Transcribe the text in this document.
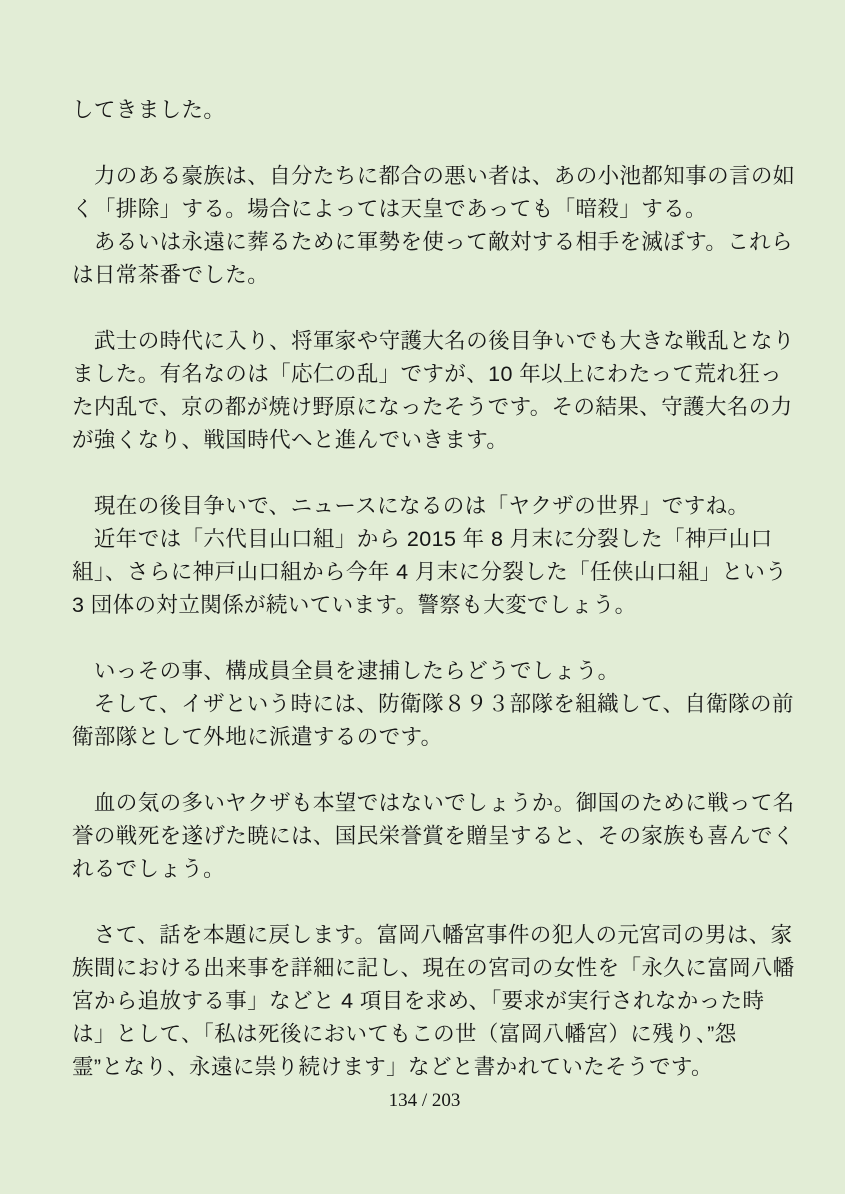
してきました。
　力のある豪族は、自分たちに都合の悪い者は、あの小池都知事の言の如
く「排除」する。場合によっては天皇であっても「暗殺」する。
　あるいは永遠に葬るために軍勢を使って敵対する相手を滅ぼす。これら
は日常茶番でした。
　武士の時代に入り、将軍家や守護大名の後目争いでも大きな戦乱となり
ました。有名なのは「応仁の乱」ですが、10 年以上にわたって荒れ狂っ
た内乱で、京の都が焼け野原になったそうです。その結果、守護大名の力
が強くなり、戦国時代へと進んでいきます。
　現在の後目争いで、ニュースになるのは「ヤクザの世界」ですね。
　近年では「六代目山口組」から 2015 年 8 月末に分裂した「神戸山口
組」、さらに神戸山口組から今年 4 月末に分裂した「任侠山口組」という
3 団体の対立関係が続いています。警察も大変でしょう。
　いっその事、構成員全員を逮捕したらどうでしょう。
　そして、イザという時には、防衛隊８９３部隊を組織して、自衛隊の前
衛部隊として外地に派遣するのです。
　血の気の多いヤクザも本望ではないでしょうか。御国のために戦って名
誉の戦死を遂げた暁には、国民栄誉賞を贈呈すると、その家族も喜んでく
れるでしょう。
　さて、話を本題に戻します。富岡八幡宮事件の犯人の元宮司の男は、家
族間における出来事を詳細に記し、現在の宮司の女性を「永久に富岡八幡
宮から追放する事」などと 4 項目を求め、「要求が実行されなかった時
は」として、「私は死後においてもこの世（富岡八幡宮）に残り、”怨
霊”となり、永遠に祟り続けます」などと書かれていたそうです。
134 / 203
